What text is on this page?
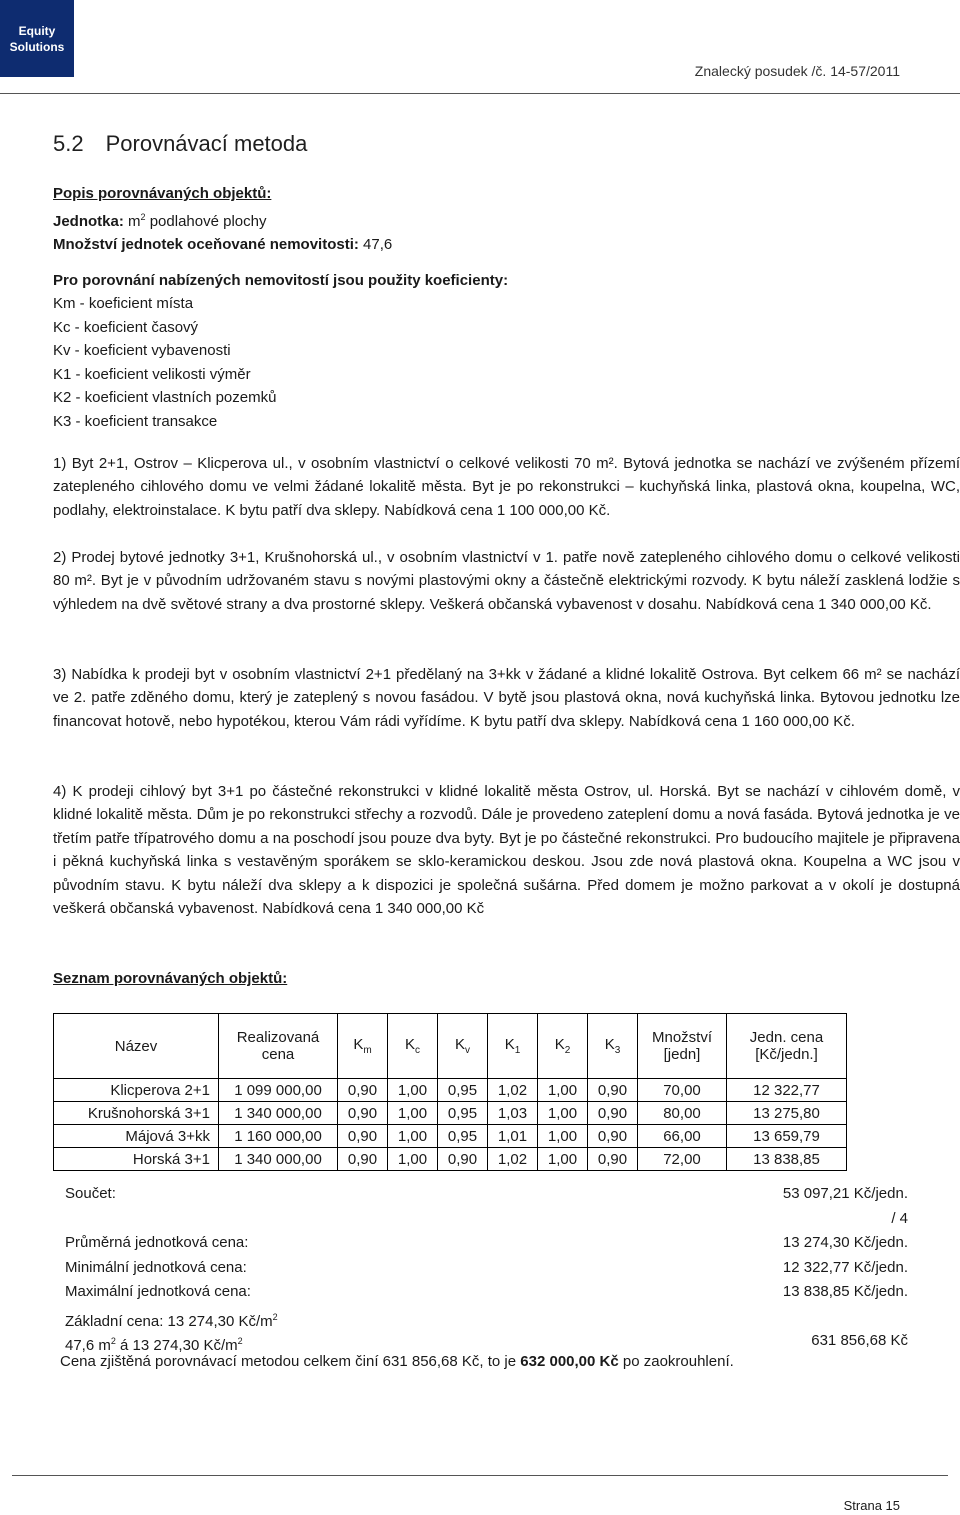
Equity
Solutions
Znalecký posudek /č. 14-57/2011
5.2 Porovnávací metoda
Popis porovnávaných objektů:
Jednotka: $m^2$ podlahové plochy
Množství jednotek oceňované nemovitosti: 47,6
Pro porovnání nabízených nemovitostí jsou použity koeficienty:
Km - koeficient místa
Kc - koeficient časový
Kv - koeficient vybavenosti
K1 - koeficient velikosti výměr
K2 - koeficient vlastních pozemků
K3 - koeficient transakce
1) Byt 2+1, Ostrov – Klicperova ul., v osobním vlastnictví o celkové velikosti 70 m². Bytová jednotka se nachází ve zvýšeném přízemí zatepleného cihlového domu ve velmi žádané lokalitě města. Byt je po rekonstrukci – kuchyňská linka, plastová okna, koupelna, WC, podlahy, elektroinstalace. K bytu patří dva sklepy. Nabídková cena 1 100 000,00 Kč.
2) Prodej bytové jednotky 3+1, Krušnohorská ul., v osobním vlastnictví v 1. patře nově zatepleného cihlového domu o celkové velikosti 80 m². Byt je v původním udržovaném stavu s novými plastovými okny a částečně elektrickými rozvody. K bytu náleží zasklená lodžie s výhledem na dvě světové strany a dva prostorné sklepy. Veškerá občanská vybavenost v dosahu. Nabídková cena 1 340 000,00 Kč.
3) Nabídka k prodeji byt v osobním vlastnictví 2+1 předělaný na 3+kk v žádané a klidné lokalitě Ostrova. Byt celkem 66 m² se nachází ve 2. patře zděného domu, který je zateplený s novou fasádou. V bytě jsou plastová okna, nová kuchyňská linka. Bytovou jednotku lze financovat hotově, nebo hypotékou, kterou Vám rádi vyřídíme. K bytu patří dva sklepy. Nabídková cena 1 160 000,00 Kč.
4) K prodeji cihlový byt 3+1 po částečné rekonstrukci v klidné lokalitě města Ostrov, ul. Horská. Byt se nachází v cihlovém domě, v klidné lokalitě města. Dům je po rekonstrukci střechy a rozvodů. Dále je provedeno zateplení domu a nová fasáda. Bytová jednotka je ve třetím patře třípatrového domu a na poschodí jsou pouze dva byty. Byt je po částečné rekonstrukci. Pro budoucího majitele je připravena i pěkná kuchyňská linka s vestavěným sporákem se sklo-keramickou deskou. Jsou zde nová plastová okna. Koupelna a WC jsou v původním stavu. K bytu náleží dva sklepy a k dispozici je společná sušárna. Před domem je možno parkovat a v okolí je dostupná veškerá občanská vybavenost. Nabídková cena 1 340 000,00 Kč
Seznam porovnávaných objektů:
Název	Realizovaná cena	$K_m$	$K_c$	$K_v$	$K_1$	$K_2$	$K_3$	Množství [jedn]	Jedn. cena [Kč/jedn.]
Klicperova 2+1	1 099 000,00	0,90	1,00	0,95	1,02	1,00	0,90	70,00	12 322,77
Krušnohorská 3+1	1 340 000,00	0,90	1,00	0,95	1,03	1,00	0,90	80,00	13 275,80
Májová 3+kk	1 160 000,00	0,90	1,00	0,95	1,01	1,00	0,90	66,00	13 659,79
Horská 3+1	1 340 000,00	0,90	1,00	0,90	1,02	1,00	0,90	72,00	13 838,85
Součet:	53 097,21 Kč/jedn.
/ 4
Průměrná jednotková cena:	13 274,30 Kč/jedn.
Minimální jednotková cena:	12 322,77 Kč/jedn.
Maximální jednotková cena:	13 838,85 Kč/jedn.
Základní cena: 13 274,30 $Kč/m^2$
47,6 $m^2$ á 13 274,30 $Kč/m^2$	631 856,68 Kč
Cena zjištěná porovnávací metodou celkem činí 631 856,68 Kč, to je 632 000,00 Kč po zaokrouhlení.
Strana 15
